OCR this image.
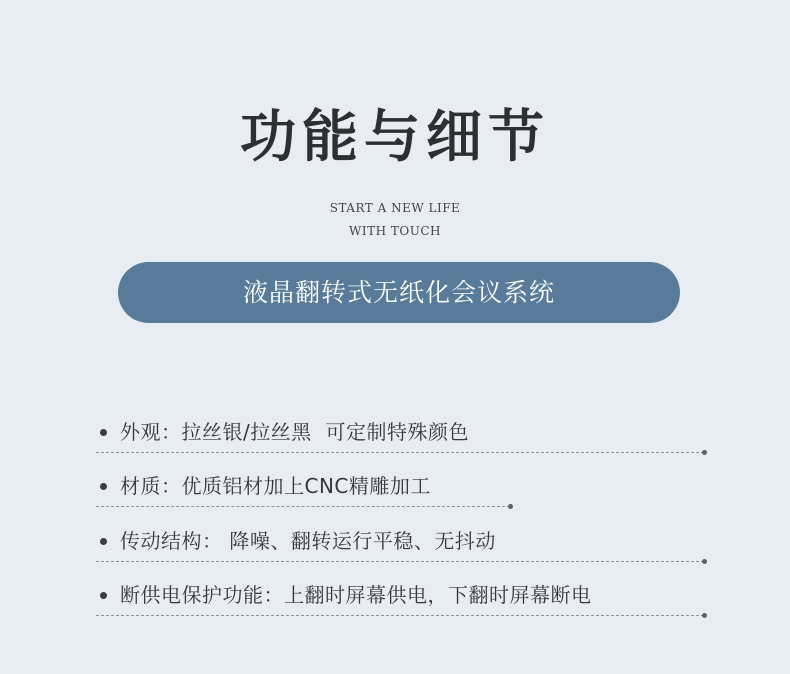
功能与细节
START A NEW LIFE
WITH TOUCH
液晶翻转式无纸化会议系统
外观：拉丝银/拉丝黑  可定制特殊颜色
材质：优质铝材加上CNC精雕加工
传动结构： 降噪、翻转运行平稳、无抖动
断供电保护功能：上翻时屏幕供电，下翻时屏幕断电
